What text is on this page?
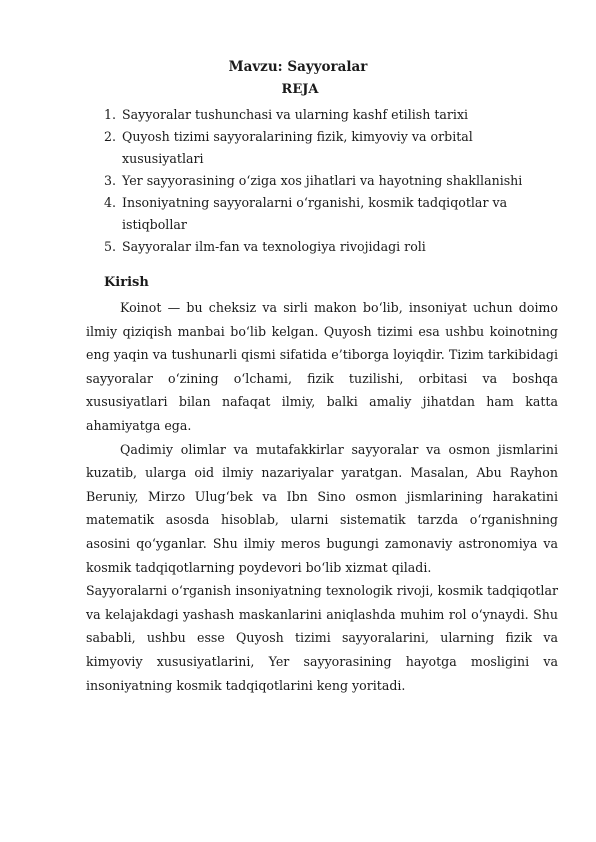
Mavzu: Sayyoralar
REJA
1. Sayyoralar tushunchasi va ularning kashf etilish tarixi
2. Quyosh tizimi sayyoralarining fizik, kimyoviy va orbital xususiyatlari
3. Yer sayyorasining o‘ziga xos jihatlari va hayotning shakllanishi
4. Insoniyatning sayyoralarni o‘rganishi, kosmik tadqiqotlar va istiqbollar
5. Sayyoralar ilm-fan va texnologiya rivojidagi roli
Kirish

Koinot — bu cheksiz va sirli makon bo‘lib, insoniyat uchun doimo ilmiy qiziqish manbai bo‘lib kelgan. Quyosh tizimi esa ushbu koinotning eng yaqin va tushunarli qismi sifatida e’tiborga loyiqdir. Tizim tarkibidagi sayyoralar o‘zining o‘lchami, fizik tuzilishi, orbitasi va boshqa xususiyatlari bilan nafaqat ilmiy, balki amaliy jihatdan ham katta ahamiyatga ega.

Qadimiy olimlar va mutafakkirlar sayyoralar va osmon jismlarini kuzatib, ularga oid ilmiy nazariyalar yaratgan. Masalan, Abu Rayhon Beruniy, Mirzo Ulug‘bek va Ibn Sino osmon jismlarining harakatini matematik asosda hisoblab, ularni sistematik tarzda o‘rganishning asosini qo‘yganlar. Shu ilmiy meros bugungi zamonaviy astronomiya va kosmik tadqiqotlarning poydevori bo‘lib xizmat qiladi.

Sayyoralarni o‘rganish insoniyatning texnologik rivoji, kosmik tadqiqotlar va kelajakdagi yashash maskanlarini aniqlashda muhim rol o‘ynaydi. Shu sababli, ushbu esse Quyosh tizimi sayyoralarini, ularning fizik va kimyoviy xususiyatlarini, Yer sayyorasining hayotga mosligini va insoniyatning kosmik tadqiqotlarini keng yoritadi.
